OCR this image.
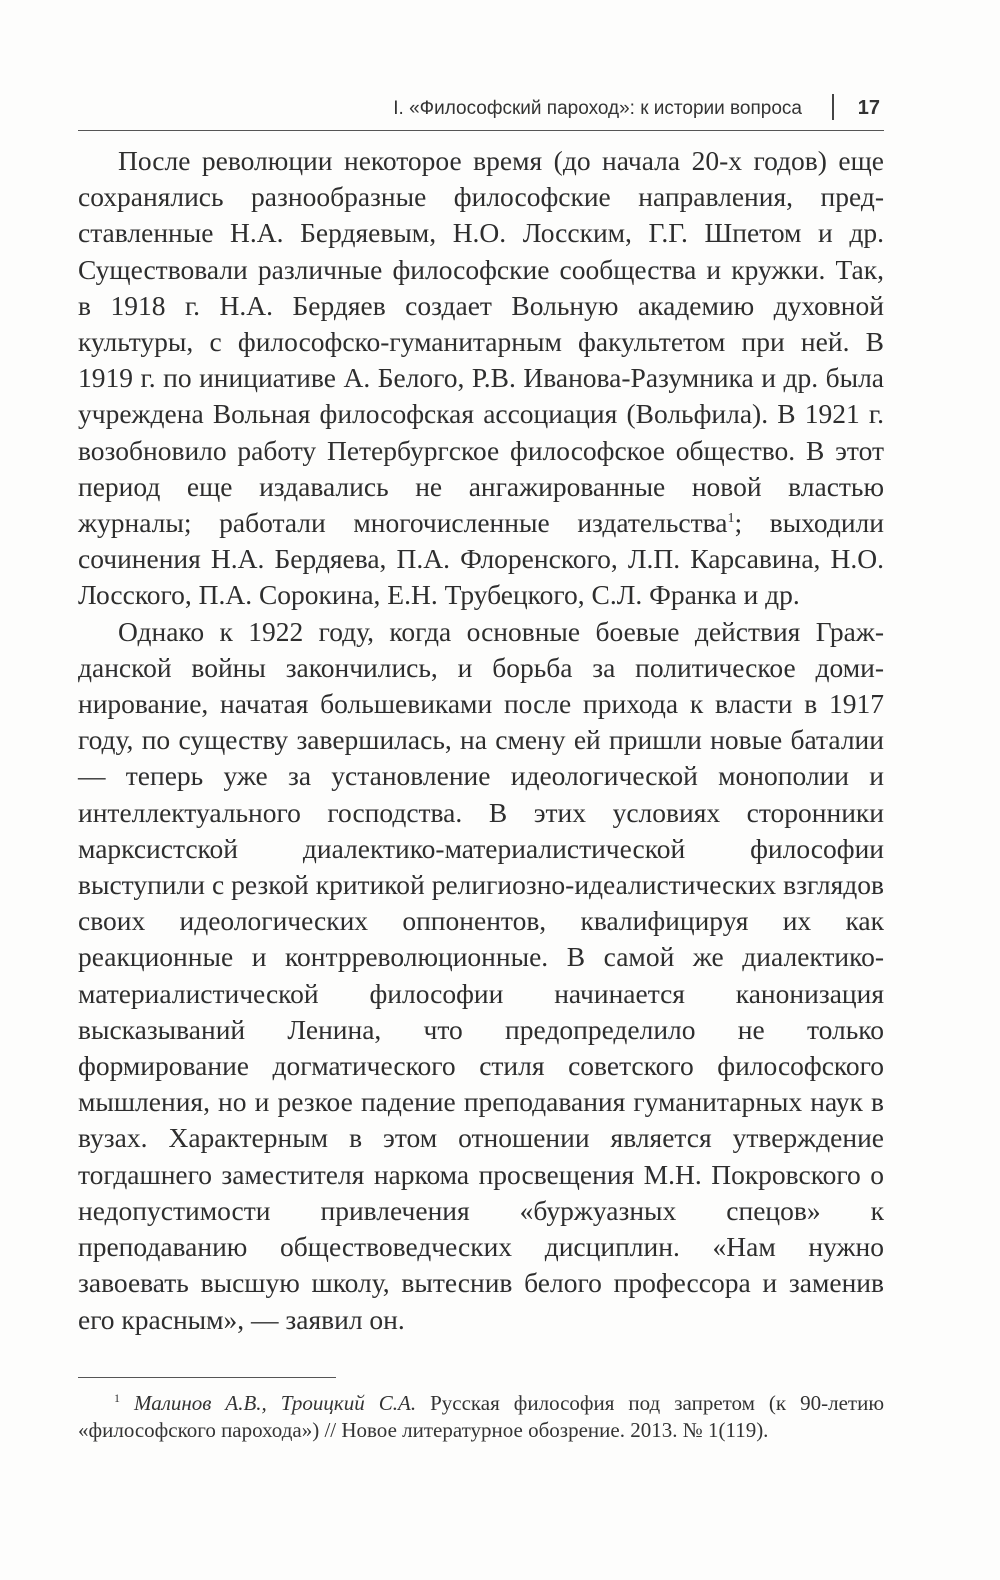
I. «Философский пароход»: к истории вопроса	17

После революции некоторое время (до начала 20-х годов) еще сохранялись разнообразные философские направления, представленные Н.А. Бердяевым, Н.О. Лосским, Г.Г. Шпетом и др. Существовали различные философские сообщества и кружки. Так, в 1918 г. Н.А. Бердяев создает Вольную академию духовной культуры, с философско-гуманитарным факультетом при ней. В 1919 г. по инициативе А. Белого, Р.В. Иванова-Разумника и др. была учреждена Вольная философская ассоциация (Вольфила). В 1921 г. возобновило работу Петербургское философское общество. В этот период еще издавались не ангажированные новой властью журналы; работали многочисленные издательства$^1$; выходили сочинения Н.А. Бердяева, П.А. Флоренского, Л.П. Карсавина, Н.О. Лосского, П.А. Сорокина, Е.Н. Трубецкого, С.Л. Франка и др.

Однако к 1922 году, когда основные боевые действия Гражданской войны закончились, и борьба за политическое доминирование, начатая большевиками после прихода к власти в 1917 году, по существу завершилась, на смену ей пришли новые баталии — теперь уже за установление идеологической монополии и интеллектуального господства. В этих условиях сторонники марксистской диалектико-материалистической философии выступили с резкой критикой религиозно-идеалистических взглядов своих идеологических оппонентов, квалифицируя их как реакционные и контрреволюционные. В самой же диалектико-материалистической философии начинается канонизация высказываний Ленина, что предопределило не только формирование догматического стиля советского философского мышления, но и резкое падение преподавания гуманитарных наук в вузах. Характерным в этом отношении является утверждение тогдашнего заместителя наркома просвещения М.Н. Покровского о недопустимости привлечения «буржуазных спецов» к преподаванию обществоведческих дисциплин. «Нам нужно завоевать высшую школу, вытеснив белого профессора и заменив его красным», — заявил он.

$^1$ Малинов А.В., Троицкий С.А. Русская философия под запретом (к 90-летию «философского парохода») // Новое литературное обозрение. 2013. № 1(119).
